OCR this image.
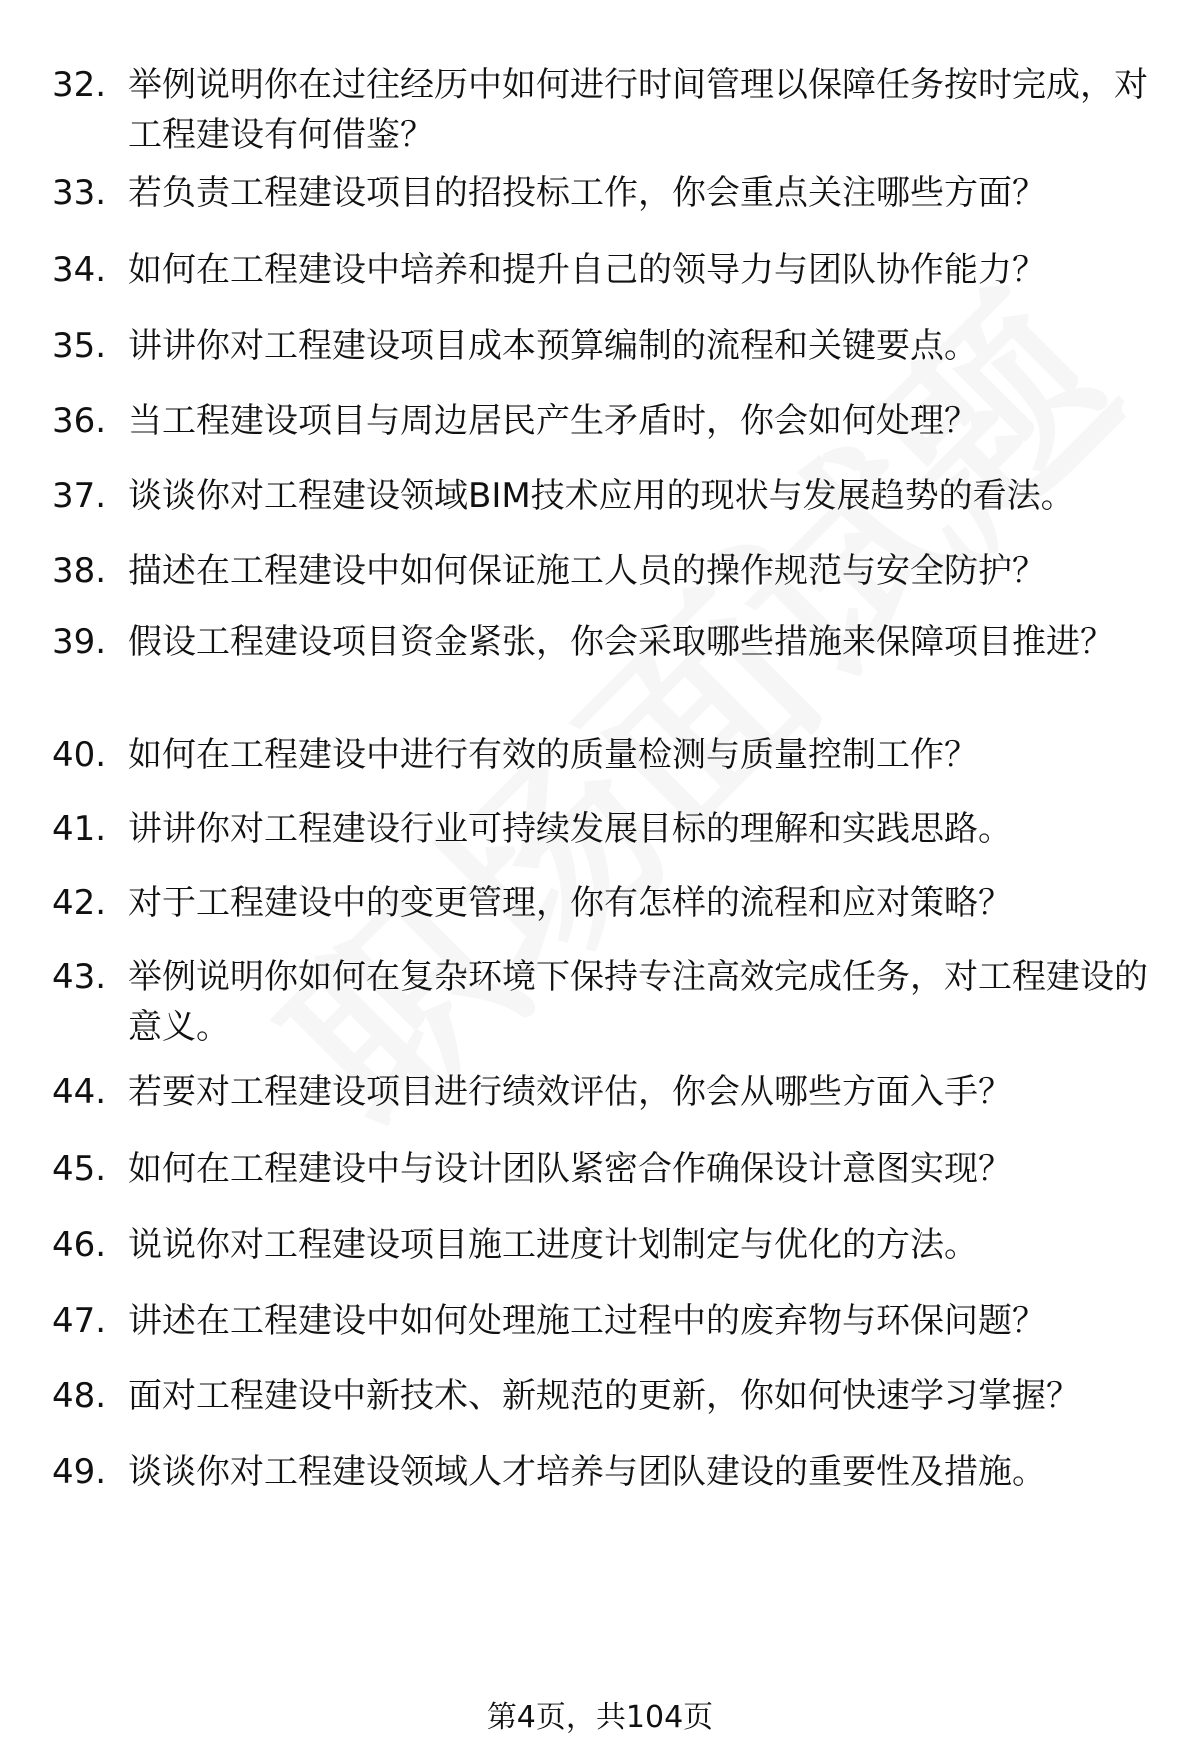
32. 举例说明你在过往经历中如何进行时间管理以保障任务按时完成，对工程建设有何借鉴？
33. 若负责工程建设项目的招投标工作，你会重点关注哪些方面？
34. 如何在工程建设中培养和提升自己的领导力与团队协作能力？
35. 讲讲你对工程建设项目成本预算编制的流程和关键要点。
36. 当工程建设项目与周边居民产生矛盾时，你会如何处理？
37. 谈谈你对工程建设领域BIM技术应用的现状与发展趋势的看法。
38. 描述在工程建设中如何保证施工人员的操作规范与安全防护？
39. 假设工程建设项目资金紧张，你会采取哪些措施来保障项目推进？
40. 如何在工程建设中进行有效的质量检测与质量控制工作？
41. 讲讲你对工程建设行业可持续发展目标的理解和实践思路。
42. 对于工程建设中的变更管理，你有怎样的流程和应对策略？
43. 举例说明你如何在复杂环境下保持专注高效完成任务，对工程建设的意义。
44. 若要对工程建设项目进行绩效评估，你会从哪些方面入手？
45. 如何在工程建设中与设计团队紧密合作确保设计意图实现？
46. 说说你对工程建设项目施工进度计划制定与优化的方法。
47. 讲述在工程建设中如何处理施工过程中的废弃物与环保问题？
48. 面对工程建设中新技术、新规范的更新，你如何快速学习掌握？
49. 谈谈你对工程建设领域人才培养与团队建设的重要性及措施。
第4页，共104页
